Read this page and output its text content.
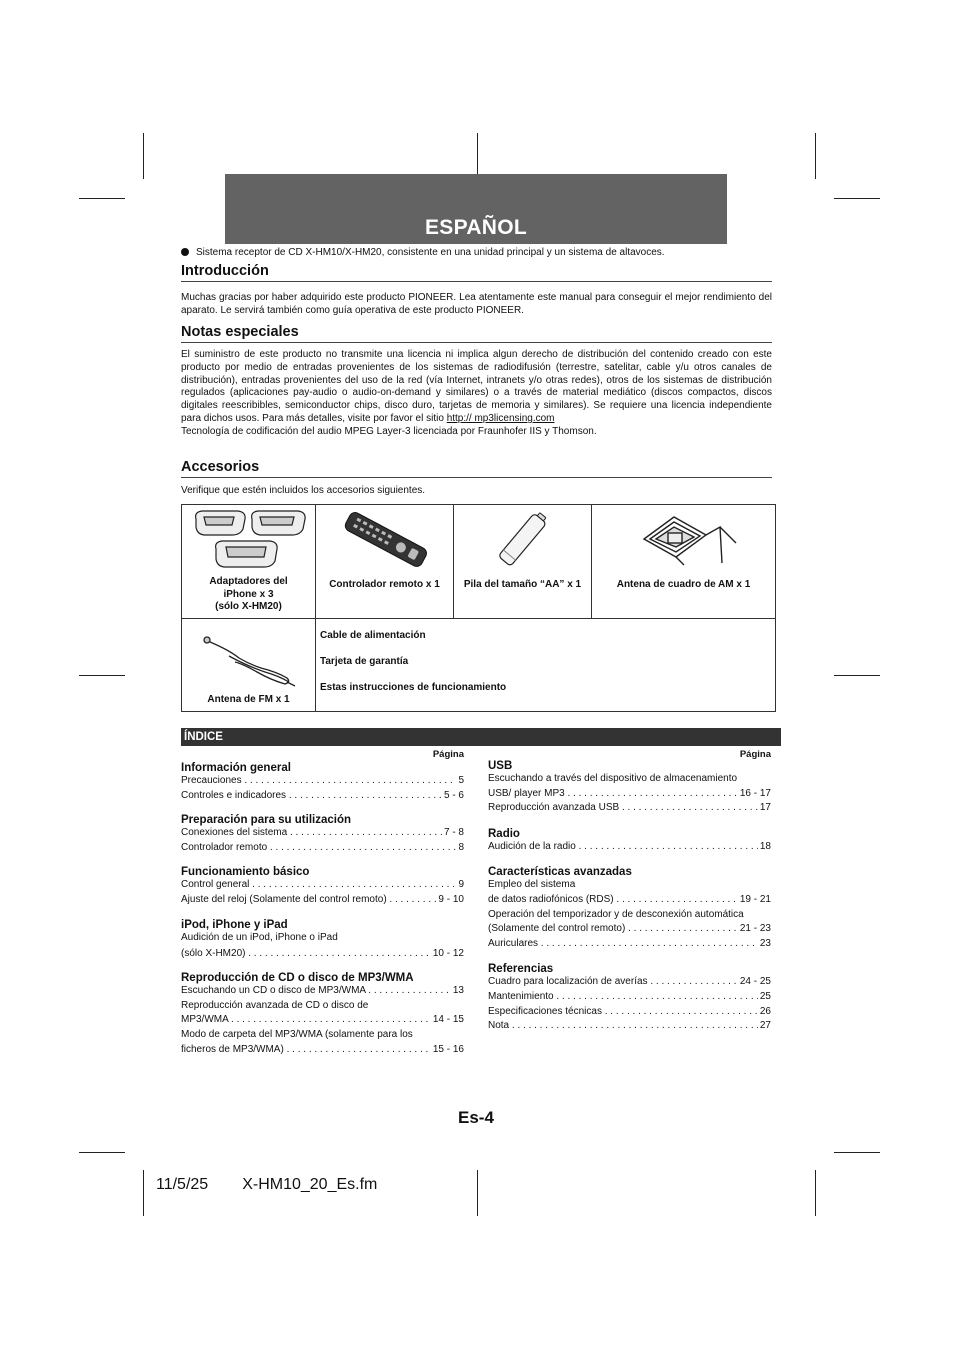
ESPAÑOL
Sistema receptor de CD X-HM10/X-HM20, consistente en una unidad principal y un sistema de altavoces.
Introducción

Muchas gracias por haber adquirido este producto PIONEER. Lea atentamente este manual para conseguir el mejor rendimiento del aparato. Le servirá también como guía operativa de este producto PIONEER.

Notas especiales
El suministro de este producto no transmite una licencia ni implica algun derecho de distribución del contenido creado con este producto por medio de entradas provenientes de los sistemas de radiodifusión (terrestre, satelitar, cable y/u otros canales de distribución), entradas provenientes del uso de la red (vía Internet, intranets y/o otras redes), otros de los sistemas de distribución regulados (aplicaciones pay-audio o audio-on-demand y similares) o a través de material mediático (discos compactos, discos digitales reescribibles, semiconductor chips, disco duro, tarjetas de memoria y similares). Se requiere una licencia independiente para dichos usos. Para más detalles, visite por favor el sitio http:// mp3licensing.com
Tecnología de codificación del audio MPEG Layer-3 licenciada por Fraunhofer IIS y Thomson.
Accesorios

Verifique que estén incluidos los accesorios siguientes.

Adaptadores del
iPhone x 3
(sólo X-HM20)	Controlador remoto x 1	Pila del tamaño “AA” x 1	Antena de cuadro de AM x 1

Antena de FM x 1	Cable de alimentación
Tarjeta de garantía
Estas instrucciones de funcionamiento		
ÍNDICE
Página
Información general
Precauciones . . .	5
Controles e indicadores . . .	5 - 6
Preparación para su utilización
Conexiones del sistema . . .	7 - 8
Controlador remoto . . .	8
Funcionamiento básico
Control general . . .	9
Ajuste del reloj (Solamente del control remoto) . . .	9 - 10
iPod, iPhone y iPad
Audición de un iPod, iPhone o iPad
(sólo X-HM20) . . .	10 - 12
Reproducción de CD o disco de MP3/WMA
Escuchando un CD o disco de MP3/WMA . . .	13
Reproducción avanzada de CD o disco de
MP3/WMA . . .	14 - 15
Modo de carpeta del MP3/WMA (solamente para los
ficheros de MP3/WMA) . . .	15 - 16
Página
USB
Escuchando a través del dispositivo de almacenamiento
USB/ player MP3 . . .	16 - 17
Reproducción avanzada USB . . .	17
Radio
Audición de la radio . . .	18
Características avanzadas
Empleo del sistema
de datos radiofónicos (RDS) . . .	19 - 21
Operación del temporizador y de desconexión automática
(Solamente del control remoto) . . .	21 - 23
Auriculares . . .	23
Referencias
Cuadro para localización de averías . . .	24 - 25
Mantenimiento . . .	25
Especificaciones técnicas . . .	26
Nota . . .	27
Es-4
11/5/25 X-HM10_20_Es.fm
